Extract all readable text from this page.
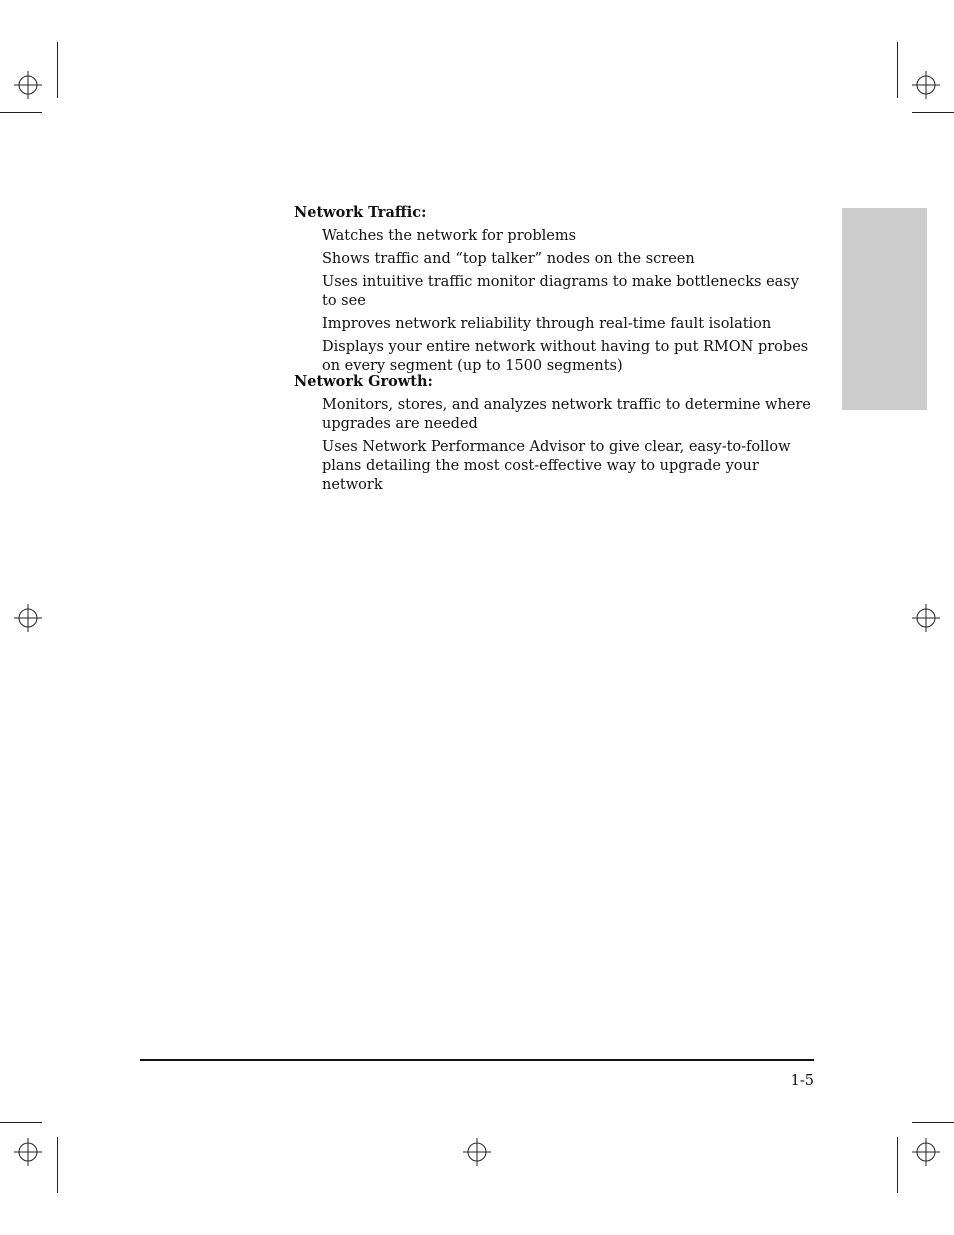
Network Traffic:
Watches the network for problems
Shows traffic and “top talker” nodes on the screen
Uses intuitive traffic monitor diagrams to make bottlenecks easy to see
Improves network reliability through real-time fault isolation
Displays your entire network without having to put RMON probes on every segment (up to 1500 segments)
Network Growth:
Monitors, stores, and analyzes network traffic to determine where upgrades are needed
Uses Network Performance Advisor to give clear, easy-to-follow plans detailing the most cost-effective way to upgrade your network
1-5
